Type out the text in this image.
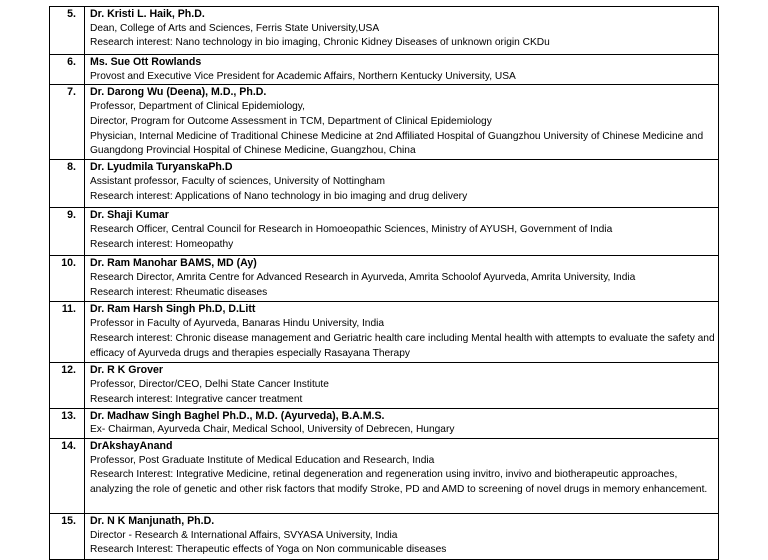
5.	Dr. Kristi L. Haik, Ph.D.
Dean, College of Arts and Sciences, Ferris State University,USA
Research interest: Nano technology in bio imaging, Chronic Kidney Diseases of unknown origin CKDu

6.	Ms. Sue Ott Rowlands
Provost and Executive Vice President for Academic Affairs, Northern Kentucky University, USA

7.	Dr. Darong Wu (Deena), M.D., Ph.D.
Professor, Department of Clinical Epidemiology,
Director, Program for Outcome Assessment in TCM, Department of Clinical Epidemiology
Physician, Internal Medicine of Traditional Chinese Medicine at 2nd Affiliated Hospital of Guangzhou University of Chinese Medicine and Guangdong Provincial Hospital of Chinese Medicine, Guangzhou, China

8.	Dr. Lyudmila TuryanskaPh.D
Assistant professor, Faculty of sciences, University of Nottingham
Research interest: Applications of Nano technology in bio imaging and drug delivery

9.	Dr. Shaji Kumar
Research Officer, Central Council for Research in Homoeopathic Sciences, Ministry of AYUSH, Government of India
Research interest: Homeopathy

10.	Dr. Ram Manohar BAMS, MD (Ay)
Research Director, Amrita Centre for Advanced Research in Ayurveda, Amrita Schoolof Ayurveda, Amrita University, India
Research interest: Rheumatic diseases

11.	Dr. Ram Harsh Singh Ph.D, D.Litt
Professor in Faculty of Ayurveda, Banaras Hindu University, India
Research interest: Chronic disease management and Geriatric health care including Mental health with attempts to evaluate the safety and efficacy of Ayurveda drugs and therapies especially Rasayana Therapy

12.	Dr. R K Grover
Professor, Director/CEO, Delhi State Cancer Institute
Research interest: Integrative cancer treatment

13.	Dr. Madhaw Singh Baghel Ph.D., M.D. (Ayurveda), B.A.M.S.
Ex- Chairman, Ayurveda Chair, Medical School, University of Debrecen, Hungary

14.	DrAkshayAnand
Professor, Post Graduate Institute of Medical Education and Research, India
Research Interest: Integrative Medicine, retinal degeneration and regeneration using invitro, invivo and biotherapeutic approaches, analyzing the role of genetic and other risk factors that modify Stroke, PD and AMD to screening of novel drugs in memory enhancement.

15.	Dr. N K Manjunath, Ph.D.
Director - Research & International Affairs, SVYASA University, India
Research Interest: Therapeutic effects of Yoga on Non communicable diseases
